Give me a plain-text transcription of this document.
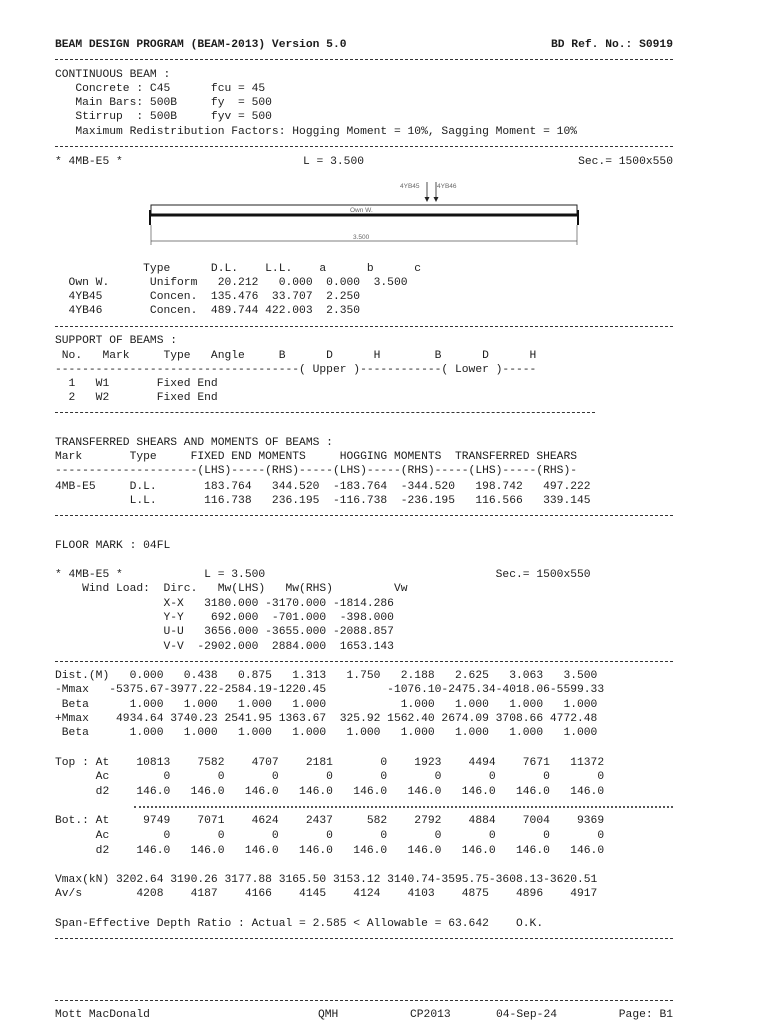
BEAM DESIGN PROGRAM (BEAM-2013) Version 5.0	BD Ref. No.: S0919
CONTINUOUS BEAM :
Concrete : C45      fcu = 45
Main Bars: 500B     fy  = 500
Stirrup  : 500B     fyv = 500
Maximum Redistribution Factors: Hogging Moment = 10%, Sagging Moment = 10%
* 4MB-E5 *	L = 3.500	Sec.= 1500x550
4YB45	4YB46
Own W.
3.500
Type      D.L.    L.L.    a      b      c
Own W.      Uniform   20.212   0.000  0.000  3.500
4YB45       Concen.  135.476  33.707  2.250
4YB46       Concen.  489.744 422.003  2.350
SUPPORT OF BEAMS :
No.   Mark     Type   Angle     B      D      H        B      D      H
------------------------------------( Upper )------------( Lower )-----
1   W1       Fixed End
2   W2       Fixed End
TRANSFERRED SHEARS AND MOMENTS OF BEAMS :
Mark       Type     FIXED END MOMENTS     HOGGING MOMENTS  TRANSFERRED SHEARS
---------------------(LHS)-----(RHS)-----(LHS)-----(RHS)-----(LHS)-----(RHS)-
4MB-E5     D.L.       183.764   344.520  -183.764  -344.520   198.742   497.222
L.L.       116.738   236.195  -116.738  -236.195   116.566   339.145
FLOOR MARK : 04FL
* 4MB-E5 *            L = 3.500                                  Sec.= 1500x550
Wind Load:  Dirc.   Mw(LHS)   Mw(RHS)         Vw
X-X   3180.000 -3170.000 -1814.286
Y-Y    692.000  -701.000  -398.000
U-U   3656.000 -3655.000 -2088.857
V-V  -2902.000  2884.000  1653.143
Dist.(M)   0.000   0.438   0.875   1.313   1.750   2.188   2.625   3.063   3.500
-Mmax   -5375.67-3977.22-2584.19-1220.45         -1076.10-2475.34-4018.06-5599.33
Beta      1.000   1.000   1.000   1.000           1.000   1.000   1.000   1.000
+Mmax    4934.64 3740.23 2541.95 1363.67  325.92 1562.40 2674.09 3708.66 4772.48
Beta      1.000   1.000   1.000   1.000   1.000   1.000   1.000   1.000   1.000
Top : At    10813    7582    4707    2181       0    1923    4494    7671   11372
Ac        0       0       0       0       0       0       0       0       0
d2    146.0   146.0   146.0   146.0   146.0   146.0   146.0   146.0   146.0
Bot.: At     9749    7071    4624    2437     582    2792    4884    7004    9369
Ac        0       0       0       0       0       0       0       0       0
d2    146.0   146.0   146.0   146.0   146.0   146.0   146.0   146.0   146.0
Vmax(kN) 3202.64 3190.26 3177.88 3165.50 3153.12 3140.74-3595.75-3608.13-3620.51
Av/s        4208    4187    4166    4145    4124    4103    4875    4896    4917
Span-Effective Depth Ratio : Actual = 2.585 < Allowable = 63.642    O.K.
Mott MacDonald	QMH	CP2013	04-Sep-24	Page: B1
